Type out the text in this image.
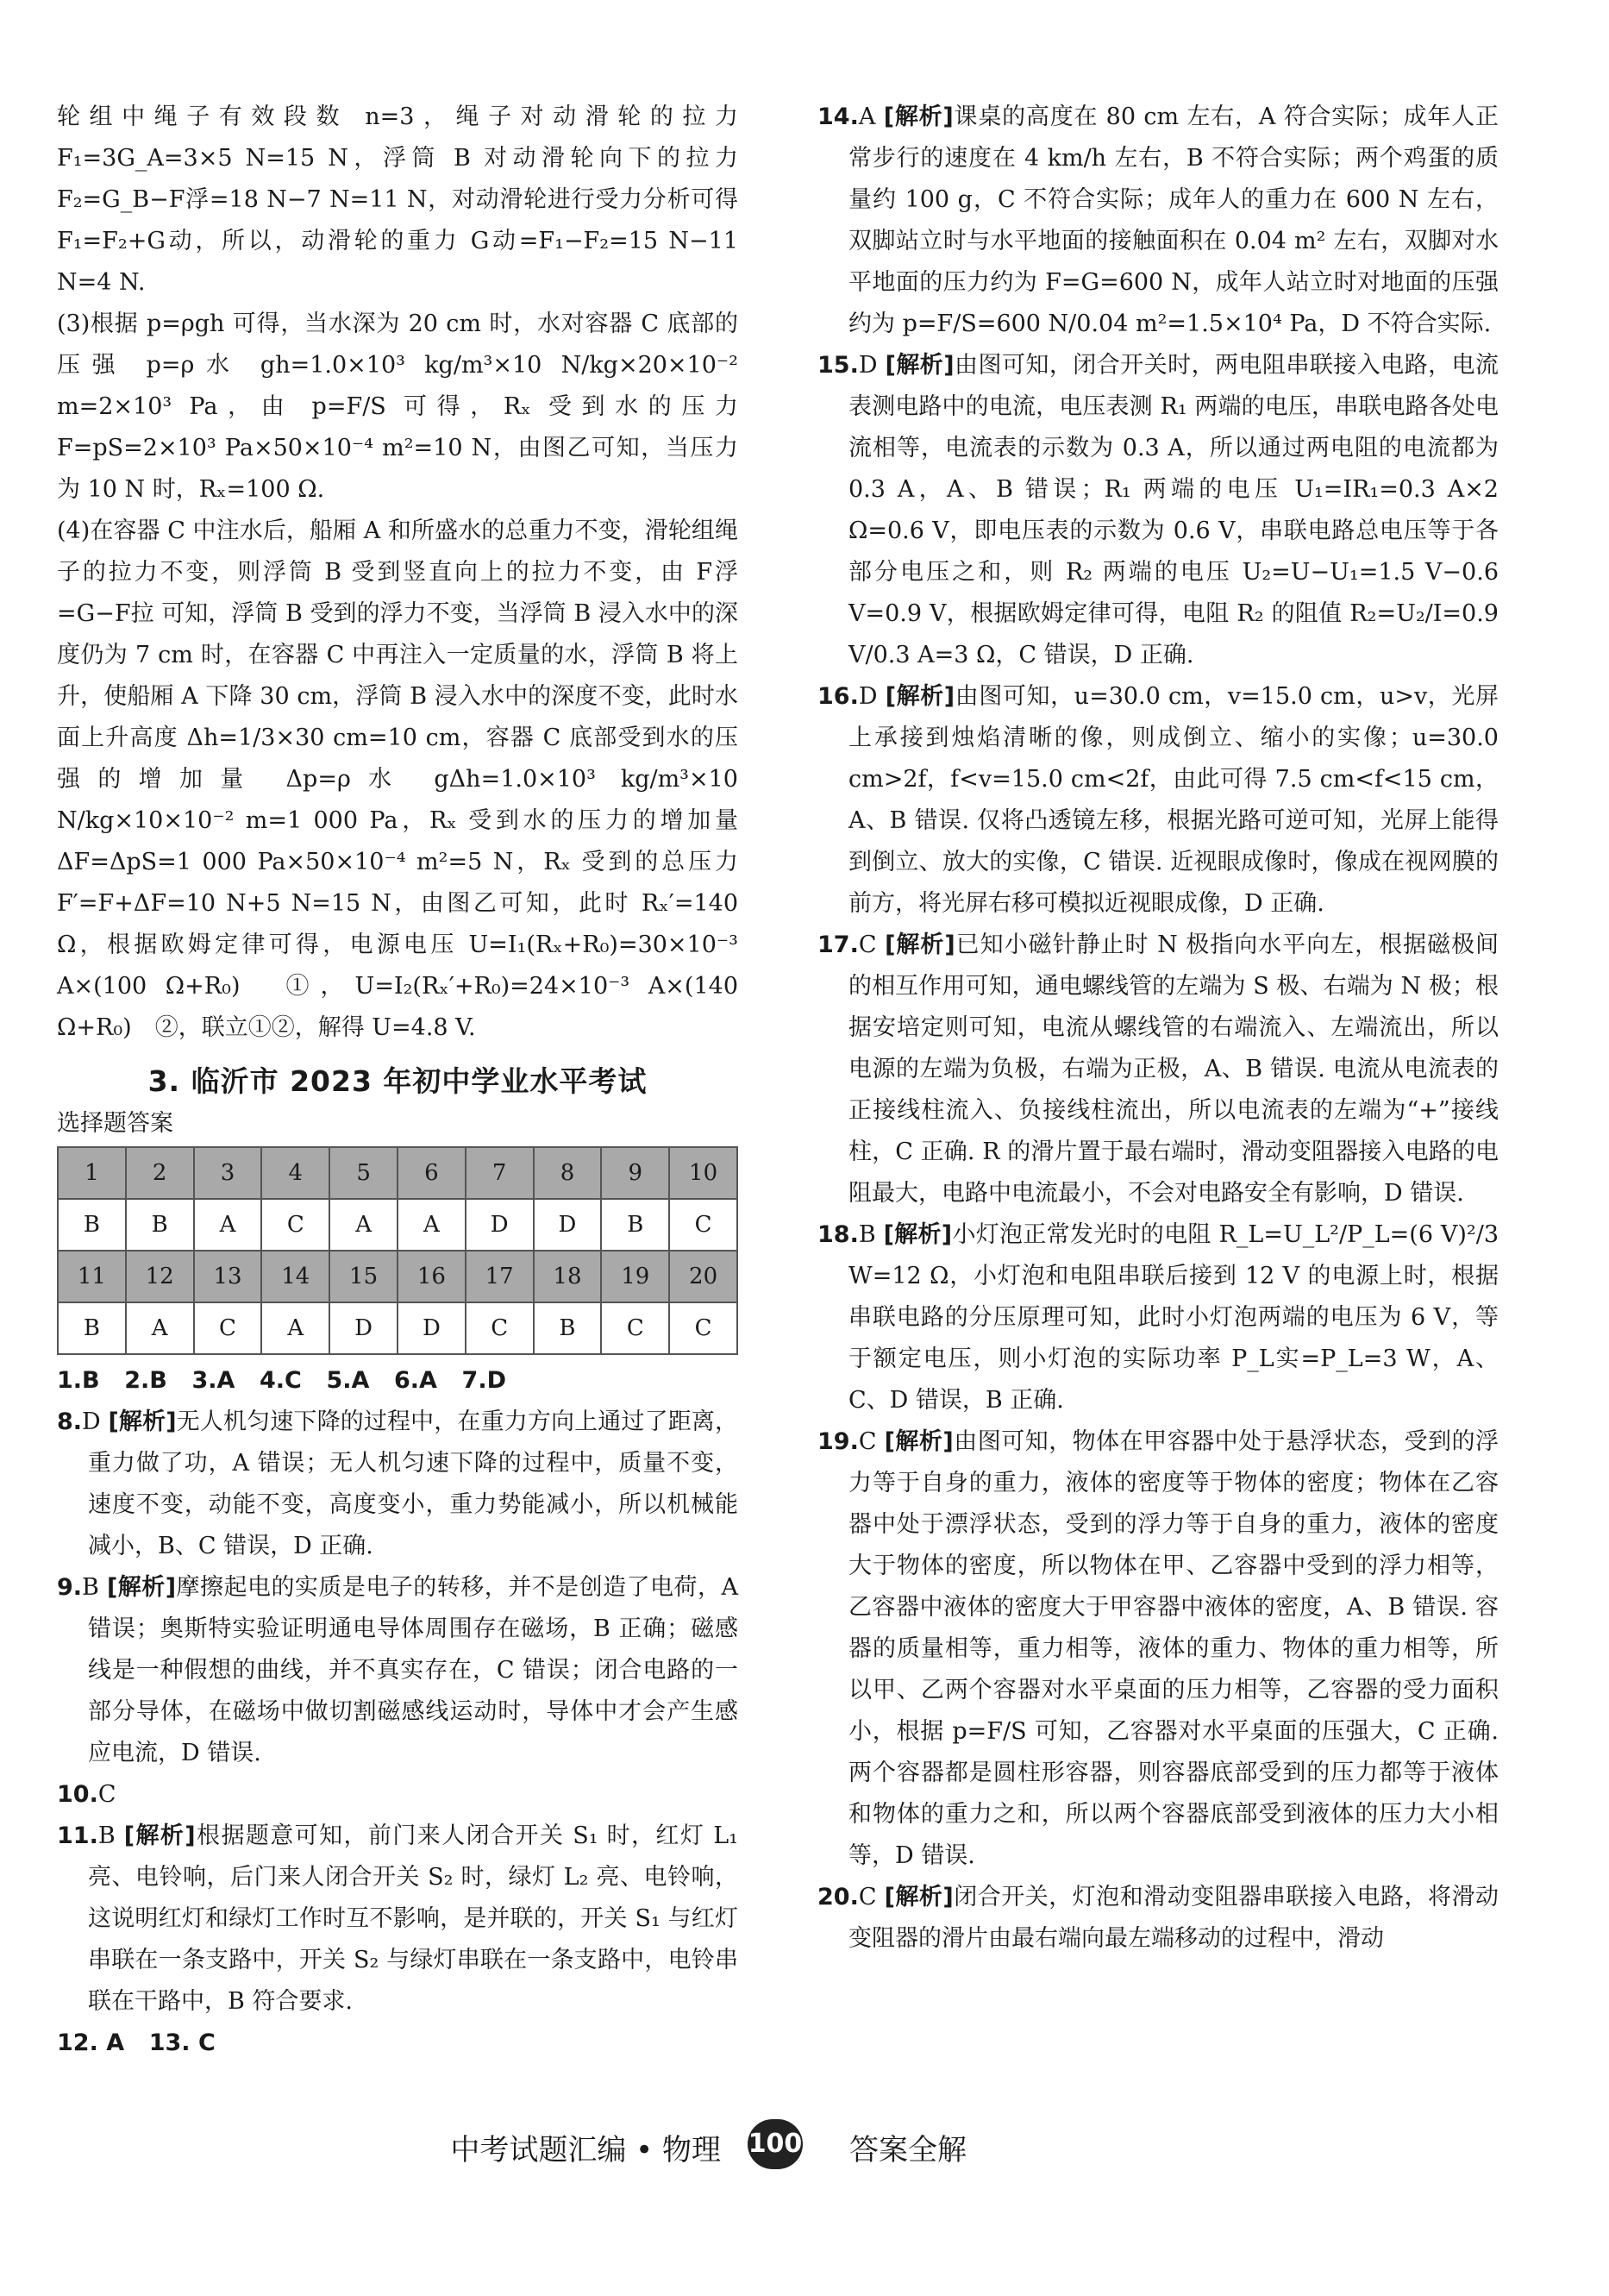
轮组中绳子有效段数 n=3，绳子对动滑轮的拉力 F₁=3G_A=3×5 N=15 N，浮筒 B 对动滑轮向下的拉力 F₂=G_B−F浮=18 N−7 N=11 N，对动滑轮进行受力分析可得 F₁=F₂+G动，所以，动滑轮的重力 G动=F₁−F₂=15 N−11 N=4 N.

(3)根据 p=ρgh 可得，当水深为 20 cm 时，水对容器 C 底部的压强 p=ρ水 gh=1.0×10³ kg/m³×10 N/kg×20×10⁻² m=2×10³ Pa，由 p=F/S 可得，Rₓ 受到水的压力 F=pS=2×10³ Pa×50×10⁻⁴ m²=10 N，由图乙可知，当压力为 10 N 时，Rₓ=100 Ω.

(4)在容器 C 中注水后，船厢 A 和所盛水的总重力不变，滑轮组绳子的拉力不变，则浮筒 B 受到竖直向上的拉力不变，由 F浮=G−F拉 可知，浮筒 B 受到的浮力不变，当浮筒 B 浸入水中的深度仍为 7 cm 时，在容器 C 中再注入一定质量的水，浮筒 B 将上升，使船厢 A 下降 30 cm，浮筒 B 浸入水中的深度不变，此时水面上升高度 Δh=1/3×30 cm=10 cm，容器 C 底部受到水的压强的增加量 Δp=ρ水 gΔh=1.0×10³ kg/m³×10 N/kg×10×10⁻² m=1 000 Pa，Rₓ 受到水的压力的增加量 ΔF=ΔpS=1 000 Pa×50×10⁻⁴ m²=5 N，Rₓ 受到的总压力 F′=F+ΔF=10 N+5 N=15 N，由图乙可知，此时 Rₓ′=140 Ω，根据欧姆定律可得，电源电压 U=I₁(Rₓ+R₀)=30×10⁻³ A×(100 Ω+R₀)　①，U=I₂(Rₓ′+R₀)=24×10⁻³ A×(140 Ω+R₀)　②，联立①②，解得 U=4.8 V.

3. 临沂市 2023 年初中学业水平考试
选择题答案
1	2	3	4	5	6	7	8	9	10
B	B	A	C	A	A	D	D	B	C
11	12	13	14	15	16	17	18	19	20
B	A	C	A	D	D	C	B	C	C

1.B 2.B 3.A 4.C 5.A 6.A 7.D

8.D [解析]无人机匀速下降的过程中，在重力方向上通过了距离，重力做了功，A 错误；无人机匀速下降的过程中，质量不变，速度不变，动能不变，高度变小，重力势能减小，所以机械能减小，B、C 错误，D 正确.

9.B [解析]摩擦起电的实质是电子的转移，并不是创造了电荷，A 错误；奥斯特实验证明通电导体周围存在磁场，B 正确；磁感线是一种假想的曲线，并不真实存在，C 错误；闭合电路的一部分导体，在磁场中做切割磁感线运动时，导体中才会产生感应电流，D 错误.

10.C

11.B [解析]根据题意可知，前门来人闭合开关 S₁ 时，红灯 L₁ 亮、电铃响，后门来人闭合开关 S₂ 时，绿灯 L₂ 亮、电铃响，这说明红灯和绿灯工作时互不影响，是并联的，开关 S₁ 与红灯串联在一条支路中，开关 S₂ 与绿灯串联在一条支路中，电铃串联在干路中，B 符合要求.

12. A 13. C

14.A [解析]课桌的高度在 80 cm 左右，A 符合实际；成年人正常步行的速度在 4 km/h 左右，B 不符合实际；两个鸡蛋的质量约 100 g，C 不符合实际；成年人的重力在 600 N 左右，双脚站立时与水平地面的接触面积在 0.04 m² 左右，双脚对水平地面的压力约为 F=G=600 N，成年人站立时对地面的压强约为 p=F/S=600 N/0.04 m²=1.5×10⁴ Pa，D 不符合实际.

15.D [解析]由图可知，闭合开关时，两电阻串联接入电路，电流表测电路中的电流，电压表测 R₁ 两端的电压，串联电路各处电流相等，电流表的示数为 0.3 A，所以通过两电阻的电流都为 0.3 A，A、B 错误；R₁ 两端的电压 U₁=IR₁=0.3 A×2 Ω=0.6 V，即电压表的示数为 0.6 V，串联电路总电压等于各部分电压之和，则 R₂ 两端的电压 U₂=U−U₁=1.5 V−0.6 V=0.9 V，根据欧姆定律可得，电阻 R₂ 的阻值 R₂=U₂/I=0.9 V/0.3 A=3 Ω，C 错误，D 正确.

16.D [解析]由图可知，u=30.0 cm，v=15.0 cm，u>v，光屏上承接到烛焰清晰的像，则成倒立、缩小的实像；u=30.0 cm>2f，f<v=15.0 cm<2f，由此可得 7.5 cm<f<15 cm，A、B 错误. 仅将凸透镜左移，根据光路可逆可知，光屏上能得到倒立、放大的实像，C 错误. 近视眼成像时，像成在视网膜的前方，将光屏右移可模拟近视眼成像，D 正确.

17.C [解析]已知小磁针静止时 N 极指向水平向左，根据磁极间的相互作用可知，通电螺线管的左端为 S 极、右端为 N 极；根据安培定则可知，电流从螺线管的右端流入、左端流出，所以电源的左端为负极，右端为正极，A、B 错误. 电流从电流表的正接线柱流入、负接线柱流出，所以电流表的左端为“+”接线柱，C 正确. R 的滑片置于最右端时，滑动变阻器接入电路的电阻最大，电路中电流最小，不会对电路安全有影响，D 错误.

18.B [解析]小灯泡正常发光时的电阻 R_L=U_L²/P_L=(6 V)²/3 W=12 Ω，小灯泡和电阻串联后接到 12 V 的电源上时，根据串联电路的分压原理可知，此时小灯泡两端的电压为 6 V，等于额定电压，则小灯泡的实际功率 P_L实=P_L=3 W，A、C、D 错误，B 正确.

19.C [解析]由图可知，物体在甲容器中处于悬浮状态，受到的浮力等于自身的重力，液体的密度等于物体的密度；物体在乙容器中处于漂浮状态，受到的浮力等于自身的重力，液体的密度大于物体的密度，所以物体在甲、乙容器中受到的浮力相等，乙容器中液体的密度大于甲容器中液体的密度，A、B 错误. 容器的质量相等，重力相等，液体的重力、物体的重力相等，所以甲、乙两个容器对水平桌面的压力相等，乙容器的受力面积小，根据 p=F/S 可知，乙容器对水平桌面的压强大，C 正确. 两个容器都是圆柱形容器，则容器底部受到的压力都等于液体和物体的重力之和，所以两个容器底部受到液体的压力大小相等，D 错误.

20.C [解析]闭合开关，灯泡和滑动变阻器串联接入电路，将滑动变阻器的滑片由最右端向最左端移动的过程中，滑动

中考试题汇编 • 物理 100 答案全解
